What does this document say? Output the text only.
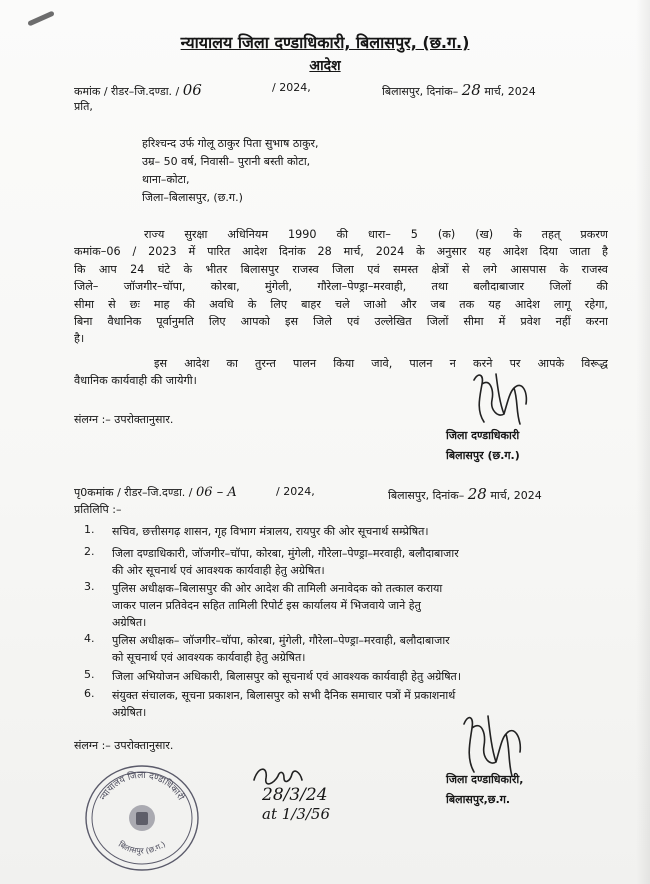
न्यायालय जिला दण्डाधिकारी, बिलासपुर, (छ.ग.)
आदेश
कमांक / रीडर–जि.दण्डा. / 06	/ 2024,	बिलासपुर, दिनांक– 28 मार्च, 2024
प्रति,
हरिश्चन्द उर्फ गोलू ठाकुर पिता सुभाष ठाकुर,
उम्र– 50 वर्ष, निवासी– पुरानी बस्ती कोटा,
थाना–कोटा,
जिला–बिलासपुर, (छ.ग.)
राज्य सुरक्षा अधिनियम 1990 की धारा– 5 (क) (ख) के तहत् प्रकरण
कमांक–06 / 2023 में पारित आदेश दिनांक 28 मार्च, 2024 के अनुसार यह आदेश दिया जाता है
कि आप 24 घंटे के भीतर बिलासपुर राजस्व जिला एवं समस्त क्षेत्रों से लगे आसपास के राजस्व
जिले– जॉजगीर–चॉपा, कोरबा, मुंगेली, गौरेला–पेण्ड्रा–मरवाही, तथा बलौदाबाजार जिलों की
सीमा से छः माह की अवधि के लिए बाहर चले जाओ और जब तक यह आदेश लागू रहेगा,
बिना वैधानिक पूर्वानुमति लिए आपको इस जिले एवं उल्लेखित जिलों सीमा में प्रवेश नहीं करना
है।
इस आदेश का तुरन्त पालन किया जावे, पालन न करने पर आपके विरूद्ध
वैधानिक कार्यवाही की जायेगी।
संलग्न :– उपरोक्तानुसार.
जिला दण्डाधिकारी
बिलासपुर (छ.ग.)
पृ0कमांक / रीडर–जि.दण्डा. / 06 – A	/ 2024,	बिलासपुर, दिनांक– 28 मार्च, 2024
प्रतिलिपि :–
1.	सचिव, छत्तीसगढ़ शासन, गृह विभाग मंत्रालय, रायपुर की ओर सूचनार्थ सम्प्रेषित।
2.	जिला दण्डाधिकारी, जॉजगीर–चॉपा, कोरबा, मुंगेली, गौरेला–पेण्ड्रा–मरवाही, बलौदाबाजार
की ओर सूचनार्थ एवं आवश्यक कार्यवाही हेतु अग्रेषित।
3.	पुलिस अधीक्षक–बिलासपुर की ओर आदेश की तामिली अनावेदक को तत्काल कराया
जाकर पालन प्रतिवेदन सहित तामिली रिपोर्ट इस कार्यालय में भिजवाये जाने हेतु
अग्रेषित।
4.	पुलिस अधीक्षक– जॉजगीर–चॉपा, कोरबा, मुंगेली, गौरेला–पेण्ड्रा–मरवाही, बलौदाबाजार
को सूचनार्थ एवं आवश्यक कार्यवाही हेतु अग्रेषित।
5.	जिला अभियोजन अधिकारी, बिलासपुर को सूचनार्थ एवं आवश्यक कार्यवाही हेतु अग्रेषित।
6.	संयुक्त संचालक, सूचना प्रकाशन, बिलासपुर को सभी दैनिक समाचार पत्रों में प्रकाशनार्थ
अग्रेषित।
संलग्न :– उपरोक्तानुसार.
न्यायालय जिला दण्डाधिकारी
बिलासपुर (छ.ग.)
28/3/24
at 1/3/56
जिला दण्डाधिकारी,
बिलासपुर,छ.ग.
